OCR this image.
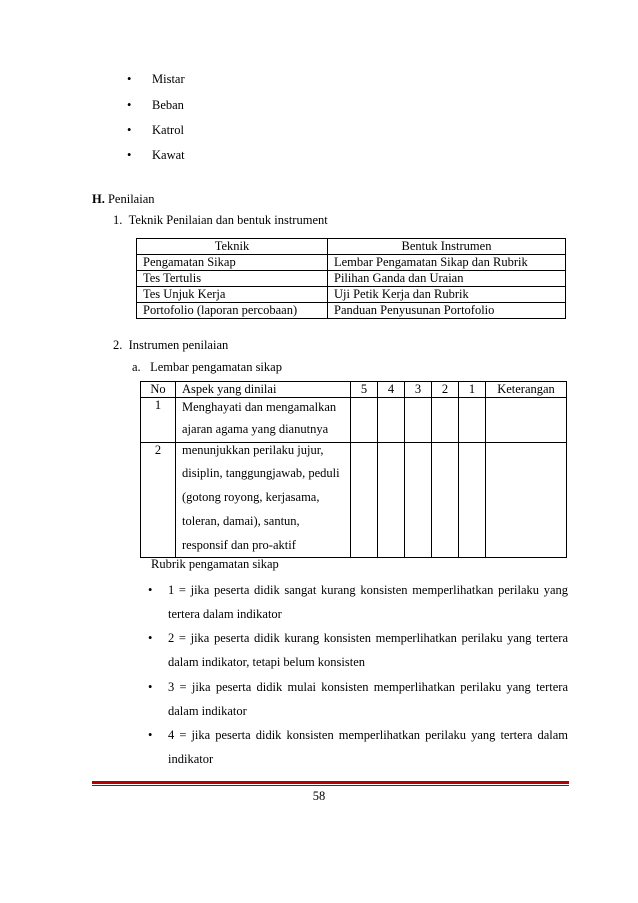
• Mistar
• Beban
• Katrol
• Kawat
H. Penilaian
1. Teknik Penilaian dan bentuk instrument
Teknik	Bentuk Instrumen
Pengamatan Sikap	Lembar Pengamatan Sikap dan Rubrik
Tes Tertulis	Pilihan Ganda dan Uraian
Tes Unjuk Kerja	Uji Petik Kerja dan Rubrik
Portofolio (laporan percobaan)	Panduan Penyusunan Portofolio
2. Instrumen penilaian
a. Lembar pengamatan sikap
No	Aspek yang dinilai	5	4	3	2	1	Keterangan
1	Menghayati dan mengamalkan
ajaran agama yang dianutnya						

2	menunjukkan perilaku jujur,
disiplin, tanggungjawab, peduli
(gotong royong, kerjasama,
toleran, damai), santun,
responsif dan pro-aktif						

Rubrik pengamatan sikap
• 1 = jika peserta didik sangat kurang konsisten memperlihatkan perilaku yang tertera dalam indikator
• 2 = jika peserta didik kurang konsisten memperlihatkan perilaku yang tertera dalam indikator, tetapi belum konsisten
• 3 = jika peserta didik mulai konsisten memperlihatkan perilaku yang tertera dalam indikator
• 4 = jika peserta didik konsisten memperlihatkan perilaku yang tertera dalam indikator
58
